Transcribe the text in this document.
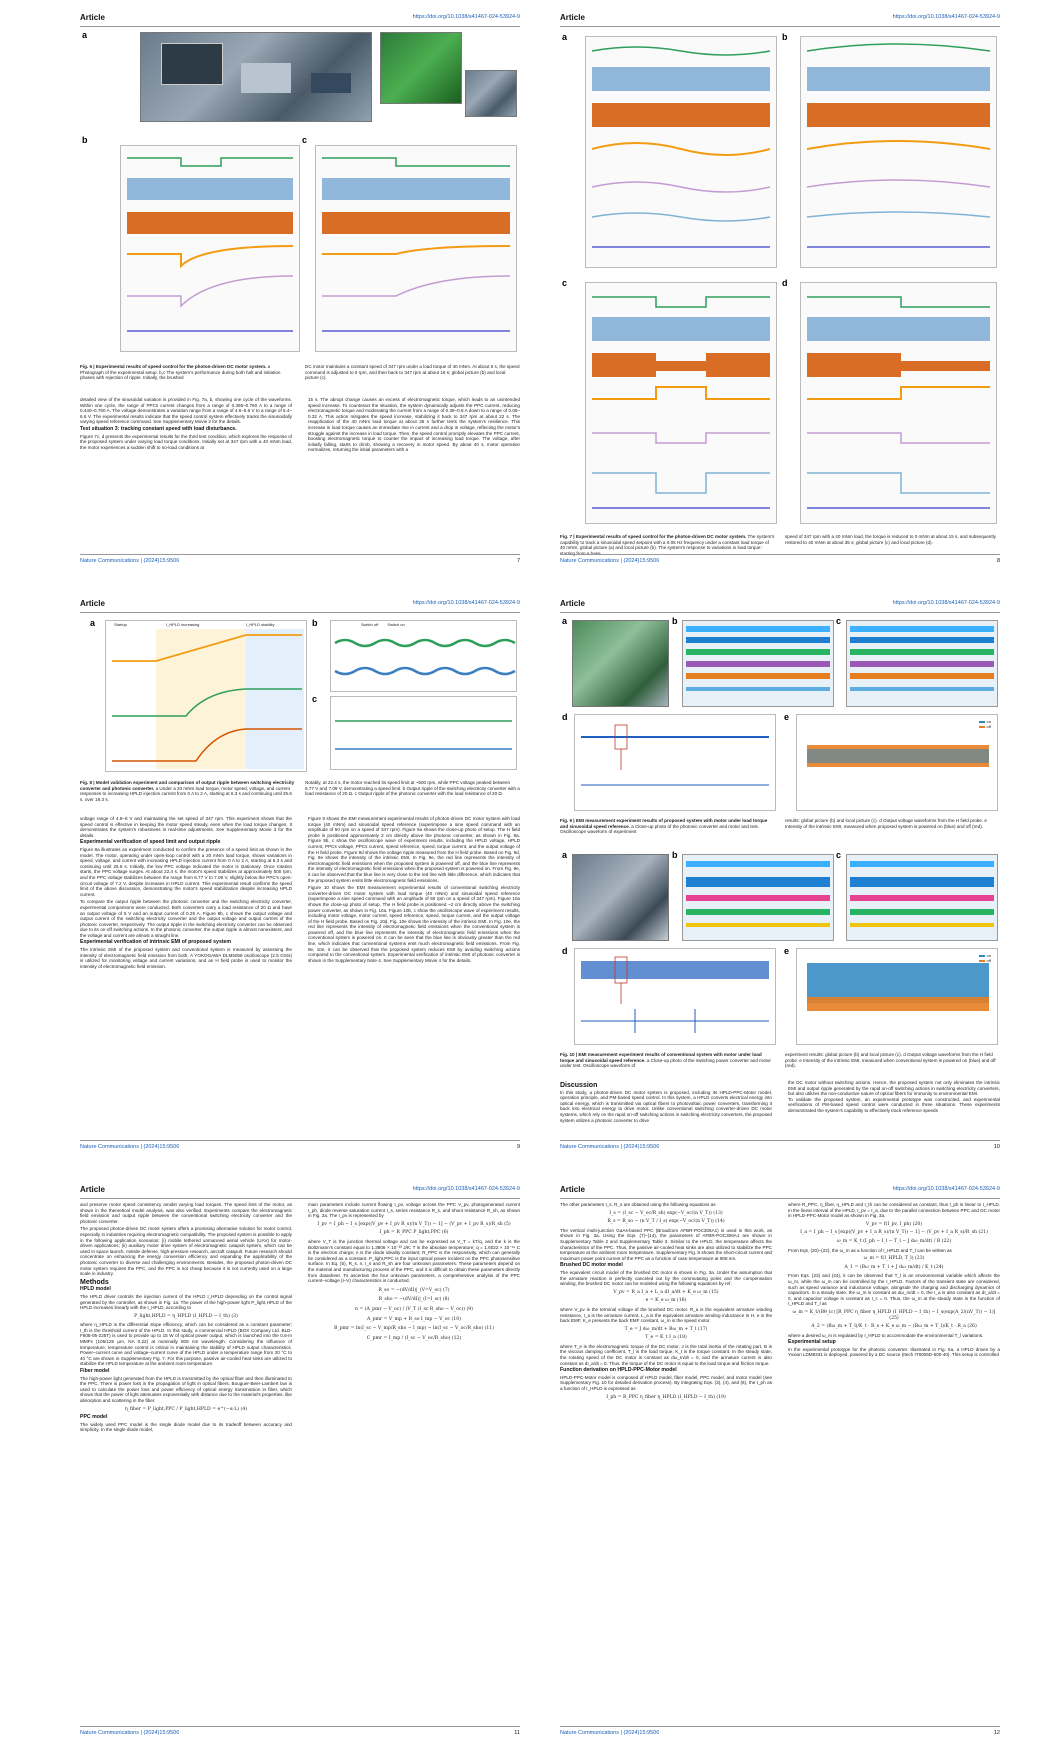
Article	https://doi.org/10.1038/s41467-024-53924-9
a
b	c
Fig. 6 | Experimental results of speed control for the photon-driven DC motor system. a Photograph of the experimental setup. b,c The system's performance during both halt and initiation phases with rejection of ripple. Initially, the brushed
DC motor maintains a constant speed of 347 rpm under a load torque of 40 mNm. At about 6 s, the speed command is adjusted to 0 rpm, and then back to 347 rpm at about 16 s; global picture (b) and local picture (c).
detailed view of the sinusoidal variation is provided in Fig. 7a, b, showing one cycle of the waveforms. Within one cycle, the range of PPCs current changes from a range of 0.395–0.760 A to a range of 0.440–0.760 A. The voltage demonstrates a variation range from a range of 4.6–5.6 V to a range of 5.4–6.6 V. The experimental results indicate that the speed control system effectively tracks the sinusoidally varying speed reference command. See Supplementary Movie 2 for the details.
Test situation 3: tracking constant speed with load disturbance.
Figure 7c, d presents the experimental results for the third test condition, which explores the response of the proposed system under varying load torque conditions. Initially set at 347 rpm with a 40 mNm load, the motor experiences a sudden shift to no-load conditions at
15 s. The abrupt change causes an excess of electromagnetic torque, which leads to an unintended speed increase. To counteract the situation, the system dynamically adjusts the PPC current, reducing electromagnetic torque and moderating the current from a range of 0.38–0.8 A down to a range of 0.05–0.32 A. This action mitigates the speed increase, stabilizing it back to 347 rpm at about 22 s. The reapplication of the 40 mNm load torque at about 35 s further tests the system's resilience. This increase in load torque causes an immediate rise in current and a drop in voltage, reflecting the motor's struggle against the increase in load torque. Then, the speed control promptly elevates the PPC current, boosting electromagnetic torque to counter the impact of increasing load torque. The voltage, after initially falling, starts to climb, showing a recovery in motor speed. By about 40 s, motor operation normalizes, returning the initial parameters with a
Nature Communications | (2024)15:9506	7
Article	https://doi.org/10.1038/s41467-024-53924-9
a	b
c	d
Fig. 7 | Experimental results of speed control for the photon-driven DC motor system. The system's capability to track a sinusoidal speed setpoint with a 0.05 Hz frequency under a constant load torque of 40 mNm; global picture (a) and local picture (b). The system's response to variations in load torque: starting from a base
speed of 347 rpm with a 40 mNm load, the torque is reduced to 0 mNm at about 15 s, and subsequently restored to 40 mNm at about 35 s; global picture (c) and local picture (d).
Nature Communications | (2024)15:9506	8
Article	https://doi.org/10.1038/s41467-024-53924-9
a	Startup	I_HPLD increasing	I_HPLD stability	b	Switch off Switch on
c
Fig. 8 | Model validation experiment and comparison of output ripple between switching electricity converter and photonic converter. a Under a 20 mNm load torque, motor speed, voltage, and current responses to increasing HPLD injection current from 0 A to 2 A, starting at 6.3 s and continuing until 25.6 s, over 19.3 s.
Notably, at 22.4 s, the motor reached its speed limit at ~500 rpm, while PPC voltage peaked between 6.77 V and 7.09 V, demonstrating a speed limit. b Output ripple of the switching electricity converter with a load resistance of 20 Ω. c Output ripple of the photonic converter with the load resistance of 20 Ω.
voltage range of 4.8–6 V and maintaining the set speed of 347 rpm. This experiment shows that the speed control is effective in keeping the motor speed steady, even when the load torque changes. It demonstrates the system's robustness in real-time adjustments. See Supplementary Movie 3 for the details.
Experimental verification of speed limit and output ripple
Figure 8a illustrates an experiment conducted to confirm the presence of a speed limit as shown in the model. The motor, operating under open-loop control with a 20 mNm load torque, shows variations in speed, voltage, and current with increasing HPLD injection current from 0 A to 2 A, starting at 6.3 s and continuing until 25.6 s. Initially, the low PPC voltage indicated the motor is stationary. Once rotation starts, the PPC voltage surges. At about 22.4 s, the motor's speed stabilizes at approximately 500 rpm, and the PPC voltage stabilizes between the range from 6.77 V to 7.09 V, slightly below the PPC's open-circuit voltage of 7.2 V, despite increases in HPLD current. This experimental result confirms the speed limit of the above discussion, demonstrating the motor's speed stabilization despite increasing HPLD current.
To compare the output ripple between the photonic converter and the switching electricity converter, experimental comparisons were conducted. Both converters carry a load resistance of 20 Ω and have an output voltage of 5 V and an output current of 0.25 A. Figure 8b, c shows the output voltage and output current of the switching electricity converter and the output voltage and output current of the photonic converter, respectively. The output ripple in the switching electricity converter can be observed due to its on-off switching actions. In the photonic converter, the output ripple is almost nonexistent, and the voltage and current are almost a straight line.
Experimental verification of intrinsic EMI of proposed system
The intrinsic EMI of the proposed system and conventional system is measured by assessing the intensity of electromagnetic field emission from both. A YOKOGAWA DLM5058 oscilloscope (2.5 GS/s) is utilized for monitoring voltage and current variations, and an H field probe is used to monitor the intensity of electromagnetic field emission.
Figure 9 shows the EMI measurement experimental results of photon-driven DC motor system with load torque (40 mNm) and sinusoidal speed reference (superimpose a sine speed command with an amplitude of 50 rpm on a speed of 347 rpm). Figure 9a shows the close-up photo of setup. The H field probe is positioned approximately 2 cm directly above the photonic converter, as shown in Fig. 9a. Figure 9b, c show the oscilloscope wave of experiment results, including the HPLD voltage, HPLD current, PPCs voltage, PPCs current, speed reference, speed, torque current, and the output voltage of the H field probe. Figure 9d shows the voltage ripple measured from the H field probe. Based on Fig. 9d, Fig. 9e shows the intensity of the intrinsic EMI. In Fig. 9e, the red line represents the intensity of electromagnetic field emissions when the proposed system is powered off, and the blue line represents the intensity of electromagnetic field emissions when the proposed system is powered on. From Fig. 9e, it can be observed that the blue line is very close to the red line with little difference, which indicates that the proposed system emits little electromagnetic field emissions.
Figure 10 shows the EMI measurement experimental results of conventional switching electricity converter-driven DC motor system with load torque (40 mNm) and sinusoidal speed reference (superimpose a sine speed command with an amplitude of 50 rpm on a speed of 347 rpm). Figure 10a shows the close-up photo of setup. The H field probe is positioned ~2 cm directly above the switching power converter, as shown in Fig. 10a. Figure 10b, c show the oscilloscope wave of experiment results, including motor voltage, motor current, speed reference, speed, torque current, and the output voltage of the H field probe. Based on Fig. 10d, Fig. 10e shows the intensity of the intrinsic EMI. In Fig. 10e, the red line represents the intensity of electromagnetic field emissions when the conventional system is powered off, and the blue line represents the intensity of electromagnetic field emissions when the conventional system is powered on. It can be seen that the blue line is obviously greater than the red line, which indicates that conventional systems emit much electromagnetic field emissions. From Fig. 9e, 10e, it can be observed that the proposed system reduces EMI by avoiding switching actions compared to the conventional system. Experimental verification of intrinsic EMI of photonic converter is shown in the Supplementary Note 4. See Supplementary Movie 4 for the details.
Nature Communications | (2024)15:9506	9
Article	https://doi.org/10.1038/s41467-024-53924-9
a	b	c
d	e	on
off
Fig. 9 | EMI measurement experiment results of proposed system with motor under load torque and sinusoidal speed reference. a Close-up photo of the photonic converter and motor and test. Oscilloscope waveform of experiment
results: global picture (b) and local picture (c). d Output voltage waveforms from the H field probe. e Intensity of the intrinsic EMI, measured when proposed system is powered on (blue) and off (red).
a	b	c
d	e	on
off
Fig. 10 | EMI measurement experiment results of conventional system with motor under load torque and sinusoidal speed reference. a Close-up photo of the switching power converter and motor under test. Oscilloscope waveform of
experiment results: global picture (b) and local picture (c). d Output voltage waveforms from the H field probe. e Intensity of the intrinsic EMI, measured when conventional system is powered on (blue) and off (red).
Discussion
In this study, a photon-driven DC motor system is proposed, including its HPLD-PPC-Motor model, operation principle, and PM-based speed control. In this system, a HPLD converts electrical energy into optical energy, which is transmitted via optical fibers to photovoltaic power converters, transforming it back into electrical energy to drive motor. Unlike conventional switching converter-driven DC motor systems, which rely on the rapid on-off switching actions in switching electricity converters, the proposed system utilizes a photonic converter to drive
the DC motor without switching actions. Hence, the proposed system not only eliminates the intrinsic EMI and output ripple generated by the rapid on-off switching actions in switching electricity converters, but also utilizes the non-conductive nature of optical fibers for immunity to environmental EMI.
To validate the proposed system, an experimental prototype was constructed, and experimental verifications of PM-based speed control were conducted in three situations. These experiments demonstrated the system's capability to effectively track reference speeds
Nature Communications | (2024)15:9506	10
Article	https://doi.org/10.1038/s41467-024-53924-9
and preserve motor speed consistency amidst varying load torques. The speed limit of the motor, as shown in the theoretical model analysis, was also verified. Experiments compare the electromagnetic field emission and output ripple between the conventional switching electricity converter and the photonic converter.
The proposed photon-driven DC motor system offers a promising alternative solution for motor control, especially in industries requiring electromagnetic compatibility. The proposed system is possible to apply in the following application scenarios: (i) mobile tethered unmanned aerial vehicle (UAV) for motor-driven applications; (ii) auxiliary motor drive system of electromagnetic catapult system, which can be used in space launch, missile defense, high-pressure research, aircraft catapult. Future research should concentrate on enhancing the energy conversion efficiency and expanding the applicability of the photonic converter to diverse and challenging environments. Besides, the proposed photon-driven DC motor system requires the PPC, and the PPC is not cheap because it is not currently used on a large scale in industry.
Methods
HPLD model
The HPLD driver controls the injection current of the HPLD I_HPLD depending on the control signal generated by the controller, as shown in Fig. 1a. The power of the high-power light P_light,HPLD of the HPLD increases linearly with the I_HPLD, according to
P_light,HPLD = η_HPLD (I_HPLD − I_th) (3)
where η_HPLD is the differential slope efficiency, which can be considered as a constant parameter; I_th is the threshold current of the HPLD. In this study, a commercial HPLD (BOX Company Ltd. BLD-F808-05-225T) is used to provide up to 15 W of optical power output, which is launched into the 0.5-m MMFs (105/125 μm, NA 0.22) at nominally 808 nm wavelength. Considering the influence of temperature, temperature control is critical in maintaining the stability of HPLD output characteristics. Power–current curve and voltage–current curve of the HPLD under a temperature range from 20 °C to 40 °C are shown in Supplementary Fig. 7. For this purpose, passive air-cooled heat sinks are utilized to stabilize the HPLD temperature at the ambient room temperature.
Fiber model
The high-power light generated from the HPLD is transmitted by the optical fiber and then illuminated to the PPC. There is power loss in the propagation of light in optical fibers. Bouguer-Beer-Lambert law is used to calculate the power loss and power efficiency of optical energy transmission in fiber, which shows that the power of light attenuates exponentially with distance due to the material's properties, like absorption and scattering in the fiber.
η_fiber = P_light,PPC / P_light,HPLD = e^(−α·L) (4)
PPC model
The widely used PPC model is the single diode model due to its tradeoff between accuracy and simplicity. In the single diode model,
main parameters include current flowing I_pv, voltage across the PPC V_pv, photogenerated current I_ph, diode reverse saturation current I_s, series resistance R_s, and shunt resistance R_sh, as shown in Fig. 3a. The I_pv is represented by
I_pv = I_ph − I_s [exp((V_pv + I_pv R_s)/(n V_T)) − 1] − (V_pv + I_pv R_s)/R_sh (5)
I_ph = R_PPC P_light,PPC (6)
where V_T is the junction thermal voltage and can be expressed as V_T = kT/q, and the k is the Boltzmann's constant equal to 1.3806 × 10⁻²³ J/K; T is the absolute temperature; q = 1.6022 × 10⁻¹⁹ C is the electron charge; n is the diode ideality constant; R_PPC is the responsivity, which can generally be considered as a constant. P_light,PPC is the input optical power incident on the PPC photosensitive surface. In Eq. (5), R_s, n, I_s and R_sh are four unknown parameters. These parameters depend on the material and manufacturing process of the PPC, and it is difficult to obtain these parameters directly from datasheet. To ascertain the four unknown parameters, a comprehensive analysis of the PPC current–voltage (I–V) characteristics is conducted.
R_so = −(dV/dI)|_(V=V_oc) (7)
R_sho = −(dV/dI)|_(I=I_sc) (8)
n = (A_pmr − V_oc) / (V_T (I_sc R_sho − V_oc)) (9)
A_pmr = V_mp + R_so I_mp − V_oc (10)
B_pmr = ln(I_sc − V_mp/R_sho − I_mp) − ln(I_sc − V_oc/R_sho) (11)
C_pmr = I_mp / (I_sc − V_oc/R_sho) (12)
Nature Communications | (2024)15:9506	11
Article	https://doi.org/10.1038/s41467-024-53924-9
The other parameters I_s, R_s are obtained using the following equations as
I_s = (I_sc − V_oc/R_sh) exp(−V_oc/(n V_T)) (13)
R_s = R_so − (n V_T / I_s) exp(−V_oc/(n V_T)) (14)
The vertical multi-junction GaAs-based PPC (Broadcom AFBR-POC306A1) is used in this work, as shown in Fig. 3a. Using the Eqs. (7)–(14), the parameters of AFBR-POC306A1 are shown in Supplementary Table 2 and Supplementary Table 3. Similar to the HPLD, the temperature affects the characteristics of the PPC. Thus, the passive air-cooled heat sinks are also utilized to stabilize the PPC temperature at the ambient room temperature. Supplementary Fig. 8 shows the short-circuit current and maximum power point current of the PPC as a function of case temperature at 808 nm.
Brushed DC motor model
The equivalent circuit model of the brushed DC motor is shown in Fig. 3a. Under the assumption that the armature reaction is perfectly canceled out by the commutating poles and the compensation winding, the brushed DC motor can be modeled using the following equations by ref.
V_pv = R_a I_a + L_a dI_a/dt + K_e ω_m (15)
e = K_e ω_m (16)
where V_pv is the terminal voltage of the brushed DC motor. R_a is the equivalent armature winding resistance, I_a is the armature current, L_a is the equivalent armature winding inductance in H, e is the back EMF, K_e presents the back EMF constant, ω_m is the speed motor.
T_e = J dω_m/dt + Bω_m + T_l (17)
T_e = K_t I_a (18)
where T_e is the electromagnetic torque of the DC motor, J is the total inertia of the rotating part, B is the viscous damping coefficient, T_l is the load torque, K_t is the torque constant. In the steady state, the rotating speed of the DC motor is constant as dω_m/dt = 0, and the armature current is also constant as dI_a/dt = 0. Thus, the torque of the DC motor is equal to the load torque and friction torque.
Function derivation on HPLD-PPC-Motor model
HPLD-PPC-Motor model is composed of HPLD model, fiber model, PPC model, and motor model (see Supplementary Fig. 10 for detailed derivation process). By integrating Eqs. (3), (4), and (6), the I_ph as a function of I_HPLD is expressed as
I_ph = R_PPC η_fiber η_HPLD (I_HPLD − I_th) (19)
where R_PPC, η_fiber, η_HPLD and I_th can be considered as constant, thus I_ph is linear to I_HPLD. In the linear interval of the HPLD, I_pv = I_a, due to the parallel connection between PPC and DC motor in HPLD-PPC-Motor model as shown in Fig. 3a.
V_pv = f(I_pv, I_ph) (20)
I_a = I_ph − I_s [exp((V_pv + I_a R_s)/(n V_T)) − 1] − (V_pv + I_a R_s)/R_sh (21)
ω_m = K_t (I_ph − I_l − T_l − J dω_m/dt) / B (22)
From Eqs. (20)–(22), the ω_m as a function of I_HPLD and T_l can be written as
ω_m = f(I_HPLD, T_l) (23)
A_1 = (Bω_m + T_l + J dω_m/dt) / K_t (24)
From Eqs. (23) and (24), it can be observed that T_l is an environmental variable which affects the ω_m, while the ω_m can be controlled by the I_HPLD. Factors of the transient state are considered, such as speed variance and inductance voltage, alongside the charging and discharging dynamics of capacitors. In a steady state, the ω_m is constant as dω_m/dt = 0, the I_a is also constant as dI_a/dt = 0, and capacitor voltage is constant as I_c = 0. Thus, the ω_m at the steady state is the function of I_HPLD and T_l as
ω_m = K_t/(Bθ_lc) [R_PPC η_fiber η_HPLD (I_HPLD − I_th) − I_s(exp(A_2/(nV_T)) − 1)] (25)
A_2 = (Bω_m + T_l)/K_t · R_s + K_e ω_m − (Bω_m + T_l)/K_t · R_a (26)
where a desired ω_m is regulated by I_HPLD to accommodate the environmental T_l variations.
Experimental setup
In the experimental prototype for the photonic converter. Illustrated in Fig. 6a, a HPLD driven by a Yoxian LDM8331 is deployed, powered by a DC source (Itech IT6006D-500-40). This setup is controlled
Nature Communications | (2024)15:9506	12
